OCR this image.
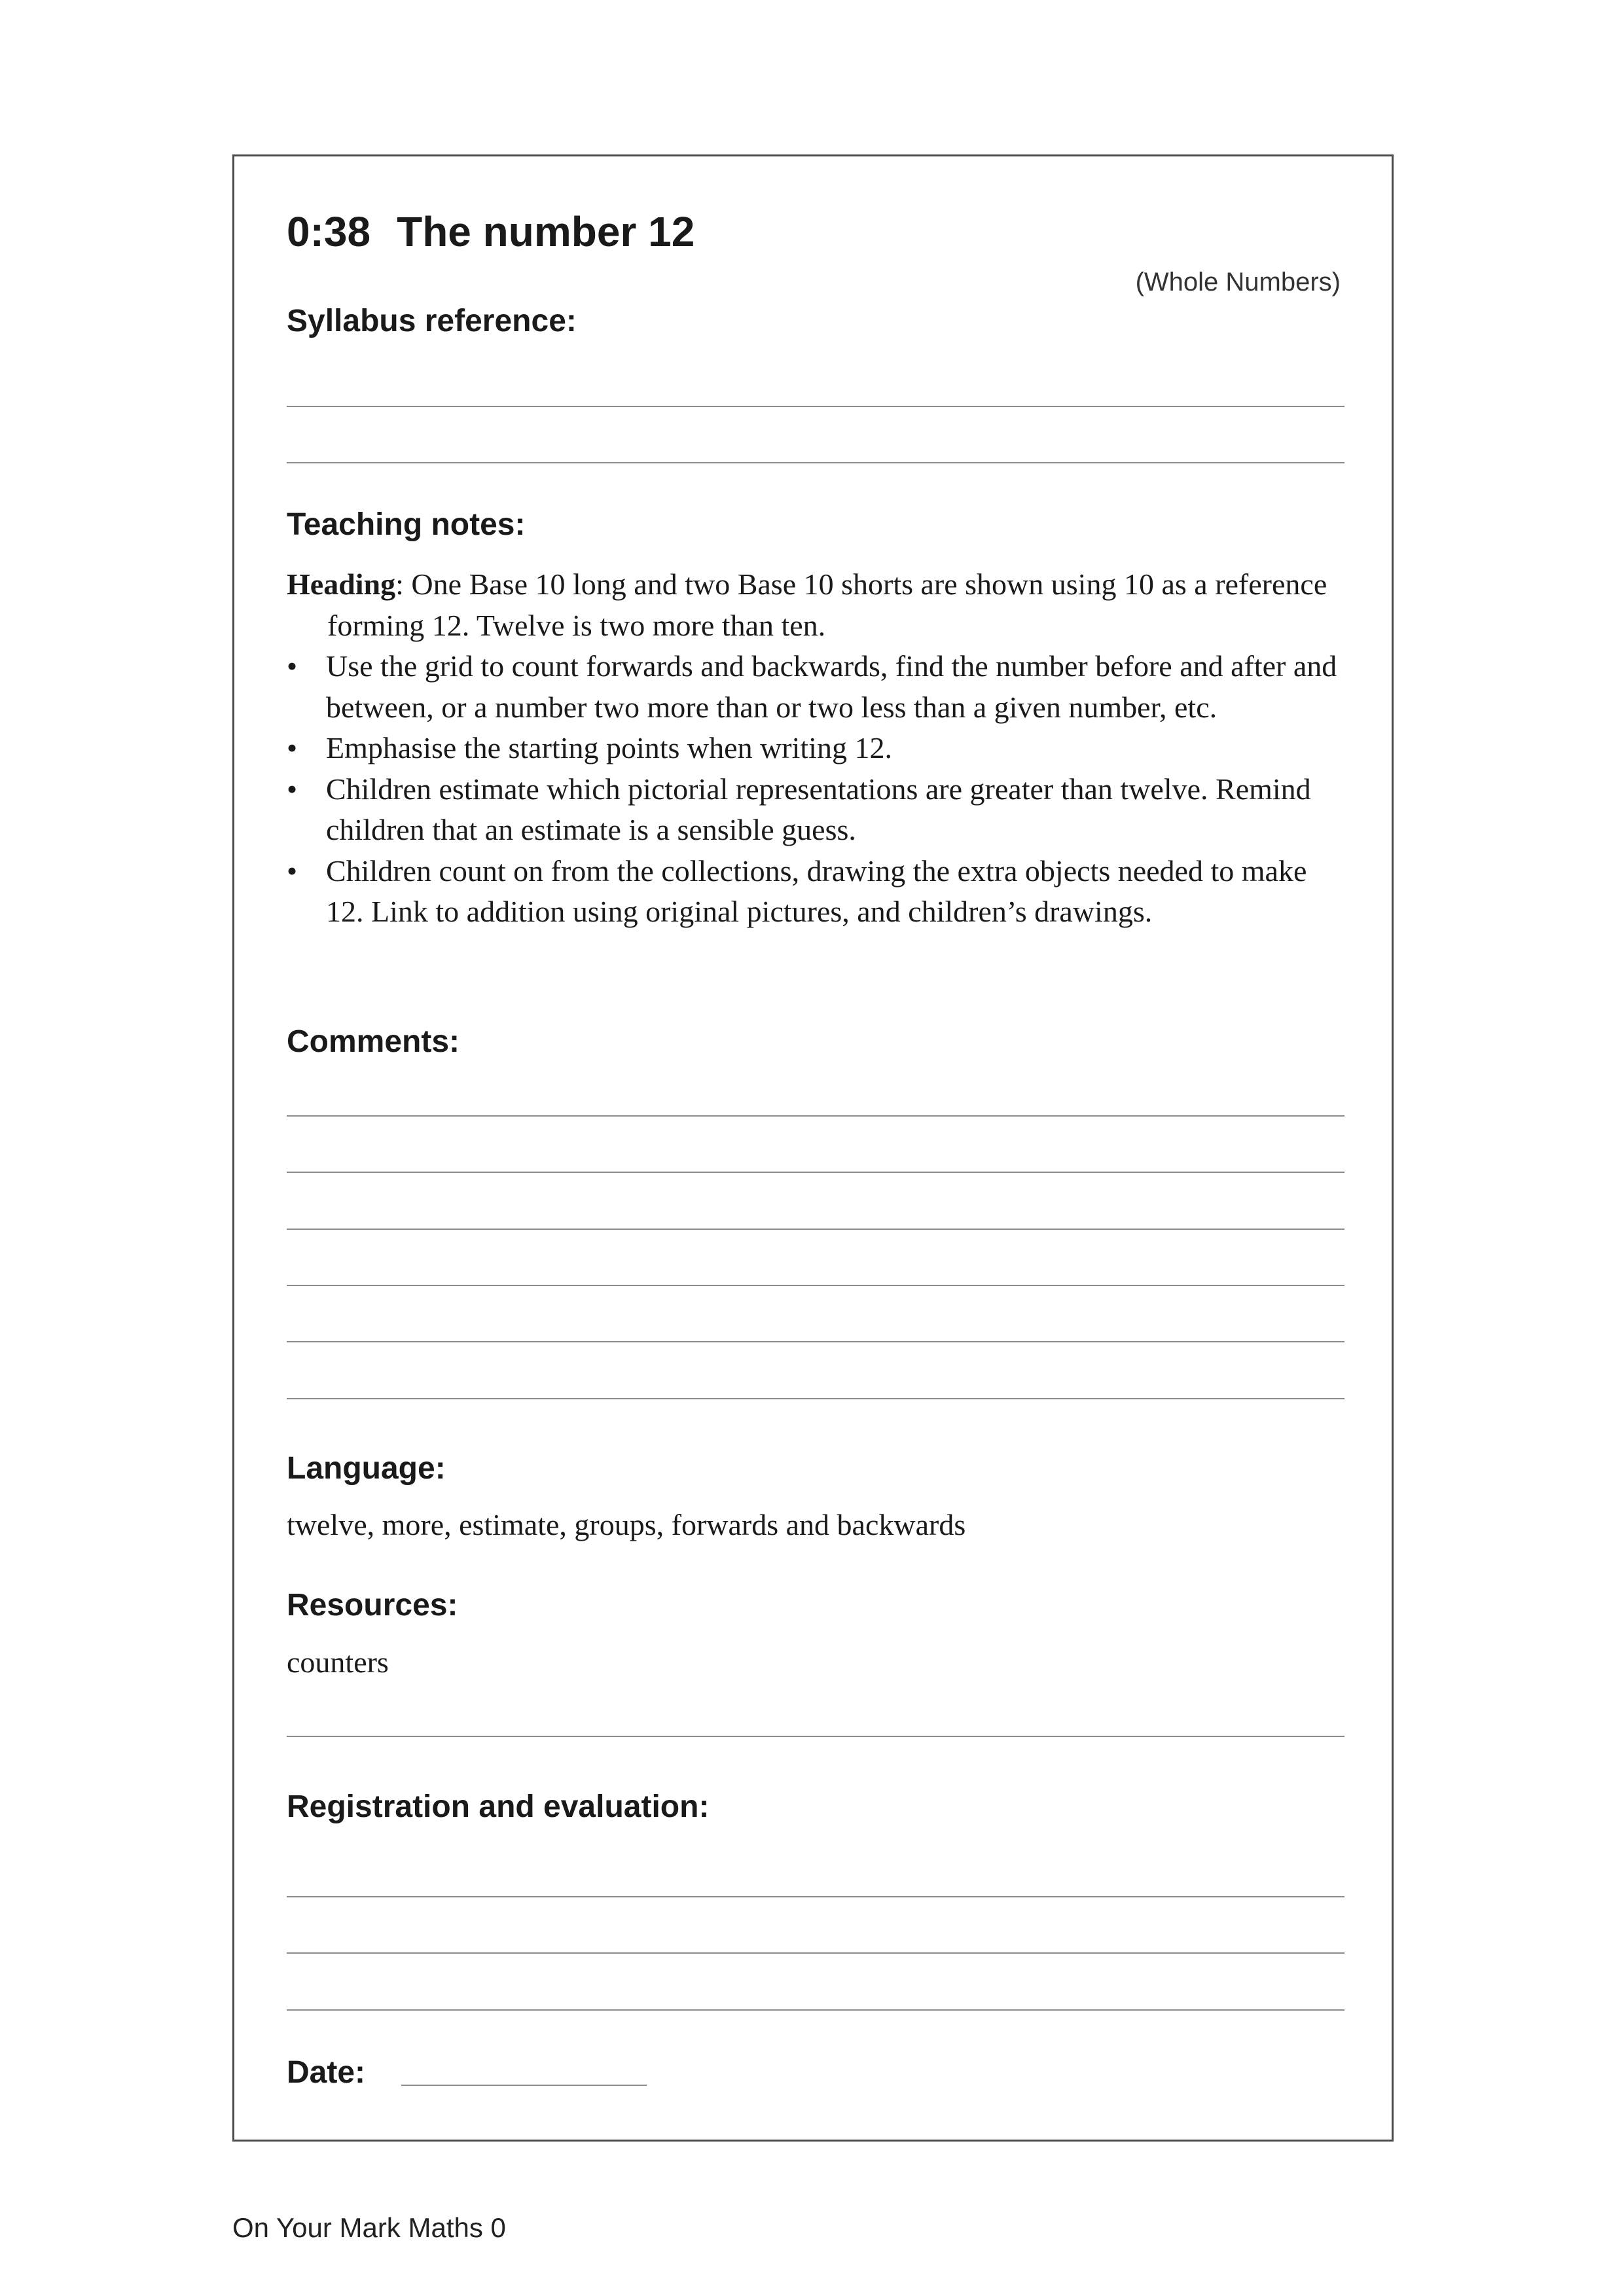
0:38 The number 12
(Whole Numbers)
Syllabus reference:
Teaching notes:

Heading: One Base 10 long and two Base 10 shorts are shown using 10 as a reference forming 12. Twelve is two more than ten.

• Use the grid to count forwards and backwards, find the number before and after and between, or a number two more than or two less than a given number, etc.
• Emphasise the starting points when writing 12.
• Children estimate which pictorial representations are greater than twelve. Remind children that an estimate is a sensible guess.
• Children count on from the collections, drawing the extra objects needed to make 12. Link to addition using original pictures, and children’s drawings.
Comments:
Language:
twelve, more, estimate, groups, forwards and backwards
Resources:
counters
Registration and evaluation:
Date:
On Your Mark Maths 0
